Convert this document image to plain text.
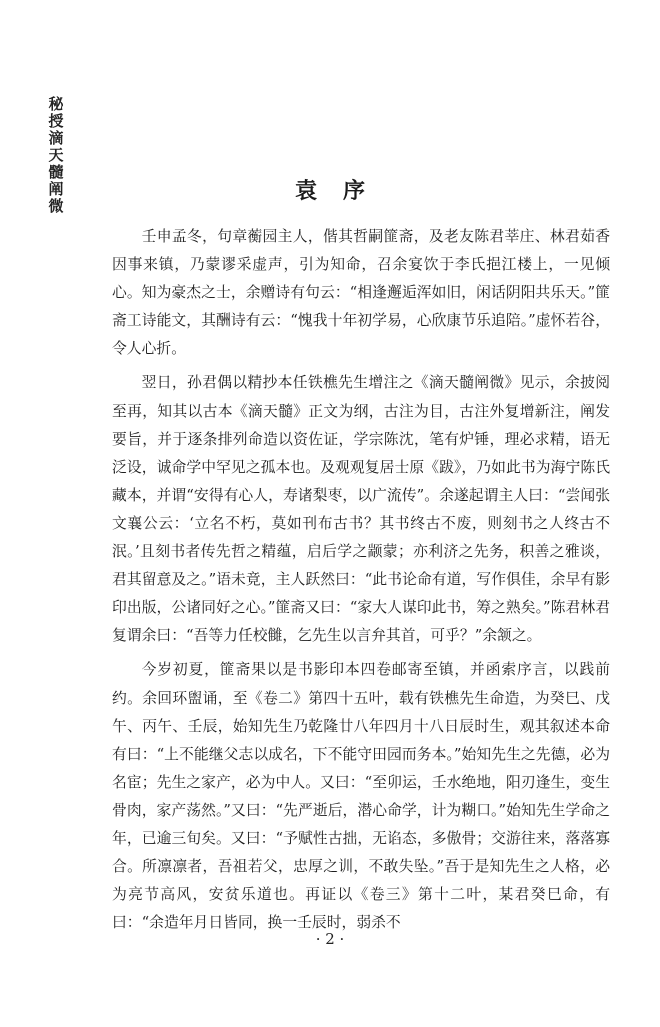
秘
授
滴
天
髓
阐
微
袁 序

壬申孟冬，句章蘅园主人，偕其哲嗣篚斋，及老友陈君莘庄、林君茹香因事来镇，乃蒙谬采虚声，引为知命，召余宴饮于李氏挹江楼上，一见倾心。知为豪杰之士，余赠诗有句云：“相逢邂逅浑如旧，闲话阴阳共乐天。”篚斋工诗能文，其酬诗有云：“愧我十年初学易，心欣康节乐追陪。”虚怀若谷，令人心折。

翌日，孙君偶以精抄本任铁樵先生增注之《滴天髓阐微》见示，余披阅至再，知其以古本《滴天髓》正文为纲，古注为目，古注外复增新注，阐发要旨，并于逐条排列命造以资佐证，学宗陈沈，笔有炉锤，理必求精，语无泛设，诚命学中罕见之孤本也。及观观复居士原《跋》，乃如此书为海宁陈氏藏本，并谓“安得有心人，寿诸梨枣，以广流传”。余遂起谓主人曰：“尝闻张文襄公云：‘立名不朽，莫如刊布古书？其书终古不废，则刻书之人终古不泯。’且刻书者传先哲之精蕴，启后学之颛蒙；亦利济之先务，积善之雅谈，君其留意及之。”语未竟，主人跃然曰：“此书论命有道，写作俱佳，余早有影印出版，公诸同好之心。”篚斋又曰：“家大人谋印此书，筹之熟矣。”陈君林君复谓余曰：“吾等力任校雠，乞先生以言弁其首，可乎？”余颔之。

今岁初夏，篚斋果以是书影印本四卷邮寄至镇，并函索序言，以践前约。余回环盥诵，至《卷二》第四十五叶，载有铁樵先生命造，为癸巳、戊午、丙午、壬辰，始知先生乃乾隆廿八年四月十八日辰时生，观其叙述本命有曰：“上不能继父志以成名，下不能守田园而务本。”始知先生之先德，必为名宦；先生之家产，必为中人。又曰：“至卯运，壬水绝地，阳刃逢生，变生骨肉，家产荡然。”又曰：“先严逝后，潜心命学，计为糊口。”始知先生学命之年，已逾三旬矣。又曰：“予赋性古拙，无谄态，多傲骨；交游往来，落落寡合。所凛凛者，吾祖若父，忠厚之训，不敢失坠。”吾于是知先生之人格，必为亮节高风，安贫乐道也。再证以《卷三》第十二叶，某君癸巳命，有曰：“余造年月日皆同，换一壬辰时，弱杀不

· 2 ·
